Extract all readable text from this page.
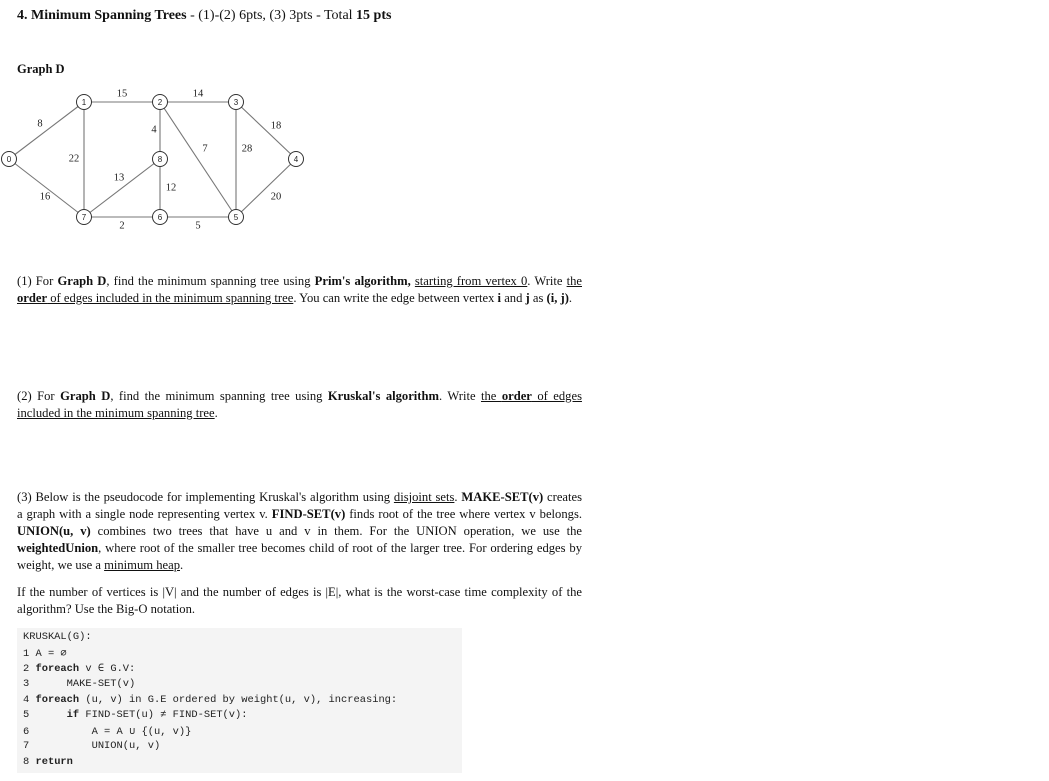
4. Minimum Spanning Trees - (1)-(2) 6pts, (3) 3pts - Total 15 pts
Graph D
8
16
15
22
14
4
7
18
28
20
5
2
12
13
0
1	2	3
4
5
6
7
8
(1) For Graph D, find the minimum spanning tree using Prim's algorithm, starting from vertex 0. Write the order of edges included in the minimum spanning tree. You can write the edge between vertex i and j as (i, j).
(2) For Graph D, find the minimum spanning tree using Kruskal's algorithm. Write the order of edges included in the minimum spanning tree.
(3) Below is the pseudocode for implementing Kruskal's algorithm using disjoint sets. MAKE-SET(v) creates a graph with a single node representing vertex v. FIND-SET(v) finds root of the tree where vertex v belongs. UNION(u, v) combines two trees that have u and v in them. For the UNION operation, we use the weightedUnion, where root of the smaller tree becomes child of root of the larger tree. For ordering edges by weight, we use a minimum heap.
If the number of vertices is |V| and the number of edges is |E|, what is the worst-case time complexity of the algorithm? Use the Big-O notation.
KRUSKAL(G):
1 A = ∅
2 foreach v ∈ G.V:
3      MAKE-SET(v)
4 foreach (u, v) in G.E ordered by weight(u, v), increasing:
5      if FIND-SET(u) ≠ FIND-SET(v):
6          A = A ∪ {(u, v)}
7          UNION(u, v)
8 return
